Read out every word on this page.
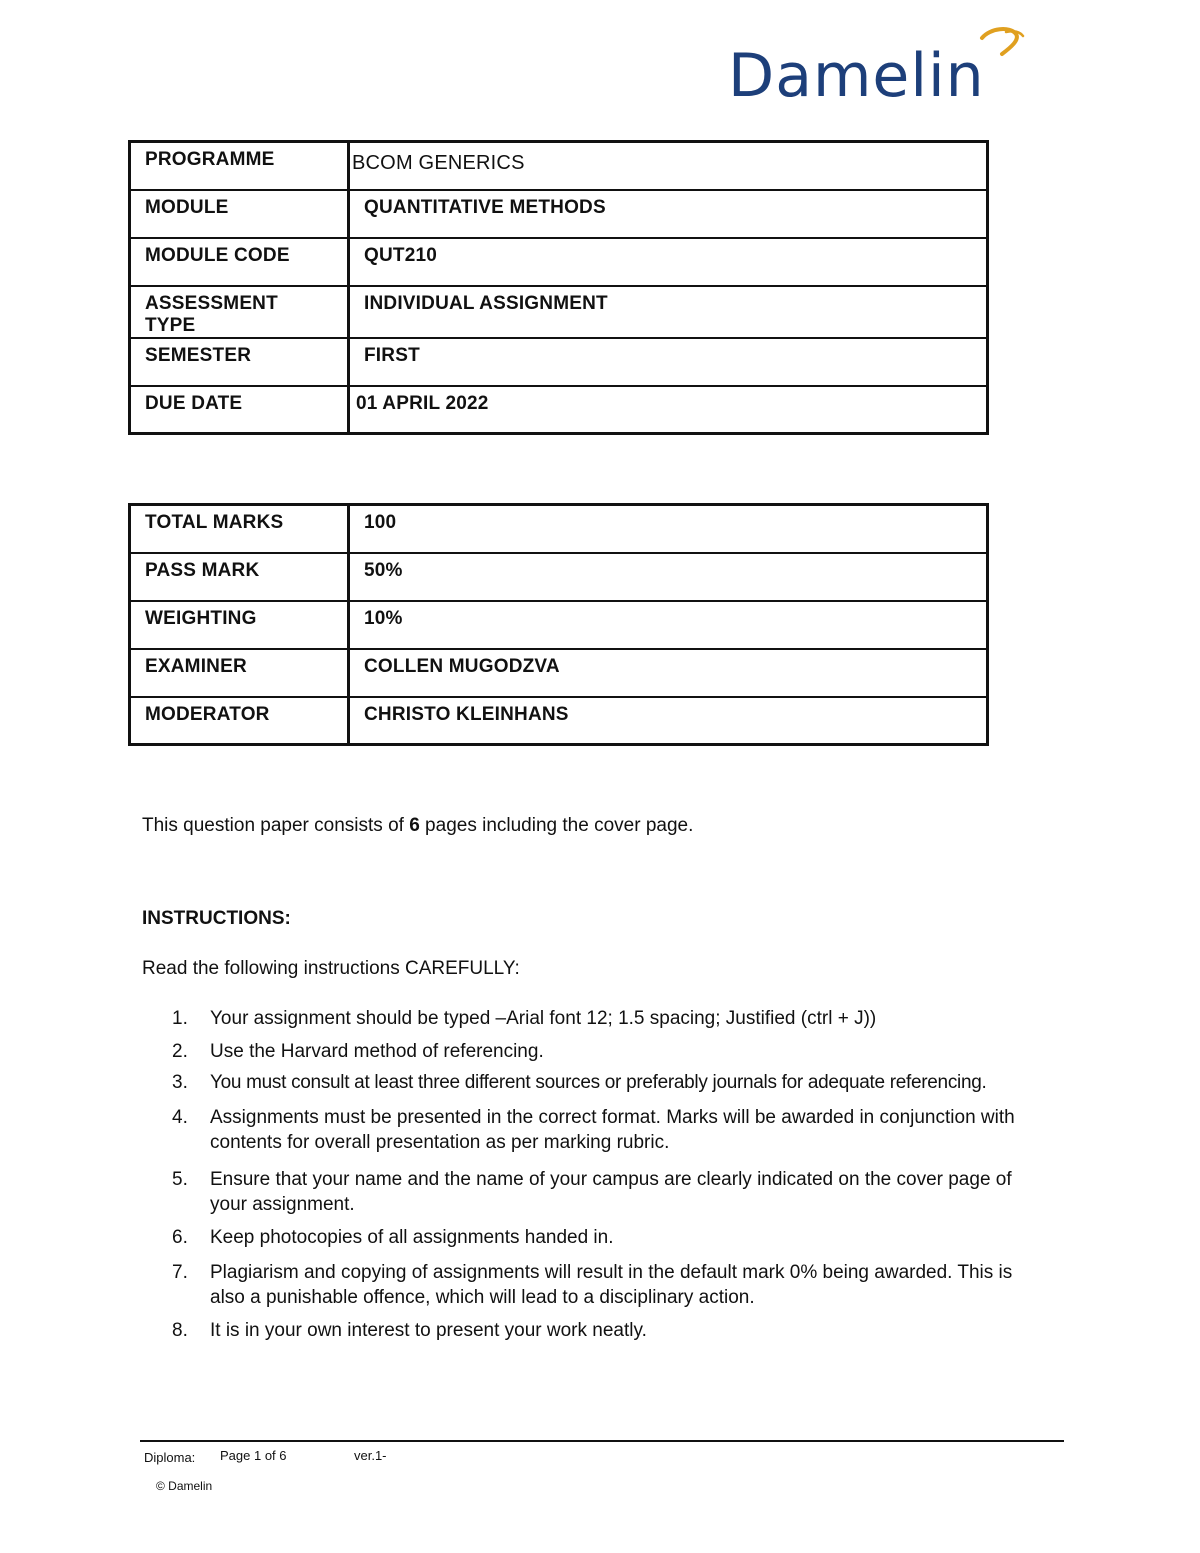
Damelin
PROGRAMME	BCOM GENERICS
MODULE	QUANTITATIVE METHODS
MODULE CODE	QUT210
ASSESSMENT TYPE	INDIVIDUAL ASSIGNMENT
SEMESTER	FIRST
DUE DATE	01 APRIL 2022
TOTAL MARKS	100
PASS MARK	50%
WEIGHTING	10%
EXAMINER	COLLEN MUGODZVA
MODERATOR	CHRISTO KLEINHANS
This question paper consists of 6 pages including the cover page.
INSTRUCTIONS:
Read the following instructions CAREFULLY:
1. Your assignment should be typed –Arial font 12; 1.5 spacing; Justified (ctrl + J))
2. Use the Harvard method of referencing.
3. You must consult at least three different sources or preferably journals for adequate referencing.
4. Assignments must be presented in the correct format. Marks will be awarded in conjunction with contents for overall presentation as per marking rubric.
5. Ensure that your name and the name of your campus are clearly indicated on the cover page of your assignment.
6. Keep photocopies of all assignments handed in.
7. Plagiarism and copying of assignments will result in the default mark 0% being awarded. This is also a punishable offence, which will lead to a disciplinary action.
8. It is in your own interest to present your work neatly.
Diploma: Page 1 of 6	ver.1-
© Damelin
